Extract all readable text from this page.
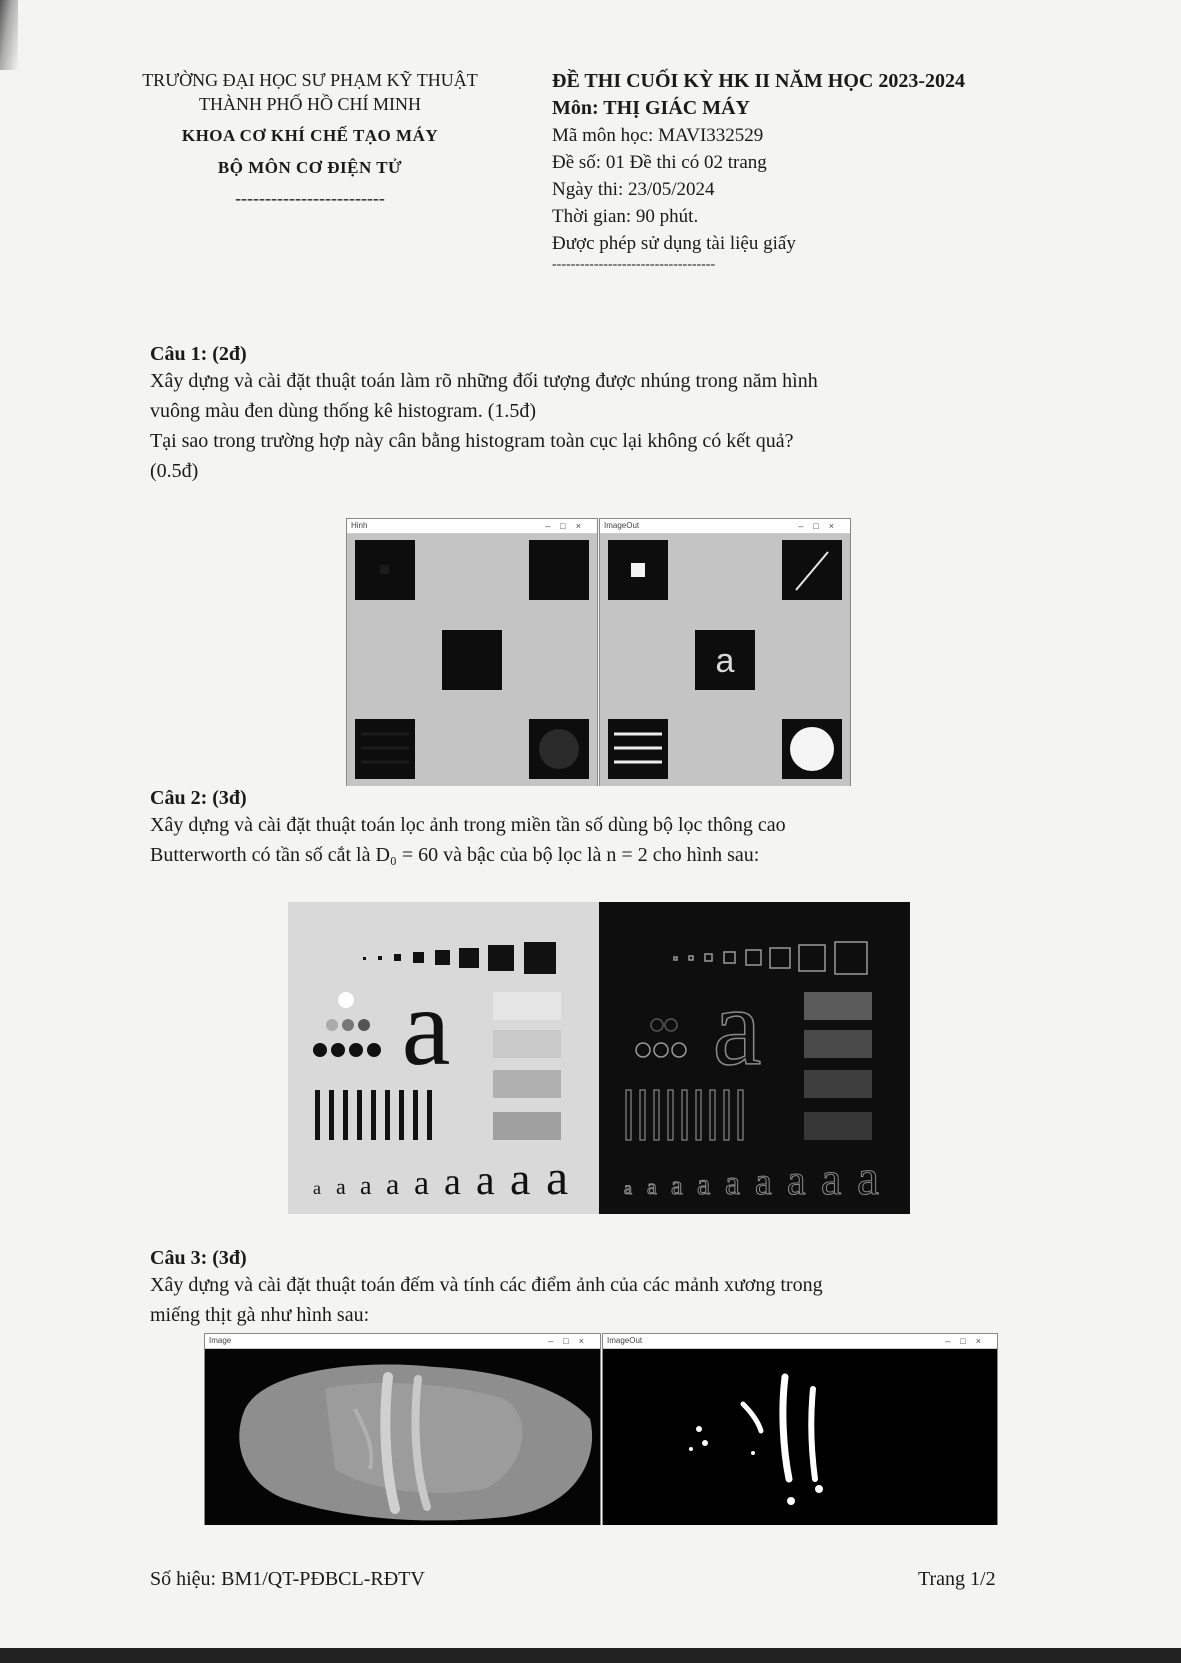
TRƯỜNG ĐẠI HỌC SƯ PHẠM KỸ THUẬT
THÀNH PHỐ HỒ CHÍ MINH
KHOA CƠ KHÍ CHẾ TẠO MÁY
BỘ MÔN CƠ ĐIỆN TỬ
-------------------------
ĐỀ THI CUỐI KỲ HK II NĂM HỌC 2023-2024
Môn: THỊ GIÁC MÁY
Mã môn học: MAVI332529
Đề số: 01 Đề thi có 02 trang
Ngày thi: 23/05/2024
Thời gian: 90 phút.
Được phép sử dụng tài liệu giấy
-----------------------------------
Câu 1: (2đ)
Xây dựng và cài đặt thuật toán làm rõ những đối tượng được nhúng trong năm hình
vuông màu đen dùng thống kê histogram. (1.5đ)
Tại sao trong trường hợp này cân bằng histogram toàn cục lại không có kết quả?
(0.5đ)
Hinh	–□×	ImageOut	–□×
a
Câu 2: (3đ)
Xây dựng và cài đặt thuật toán lọc ảnh trong miền tần số dùng bộ lọc thông cao
Butterworth có tần số cắt là D₀ = 60 và bậc của bộ lọc là n = 2 cho hình sau:
a
a a a a a a a a a
a
a a a a a a a a a
Câu 3: (3đ)
Xây dựng và cài đặt thuật toán đếm và tính các điểm ảnh của các mảnh xương trong
miếng thịt gà như hình sau:
Image	–□×	ImageOut	–□×
Số hiệu: BM1/QT-PĐBCL-RĐTV	Trang 1/2
